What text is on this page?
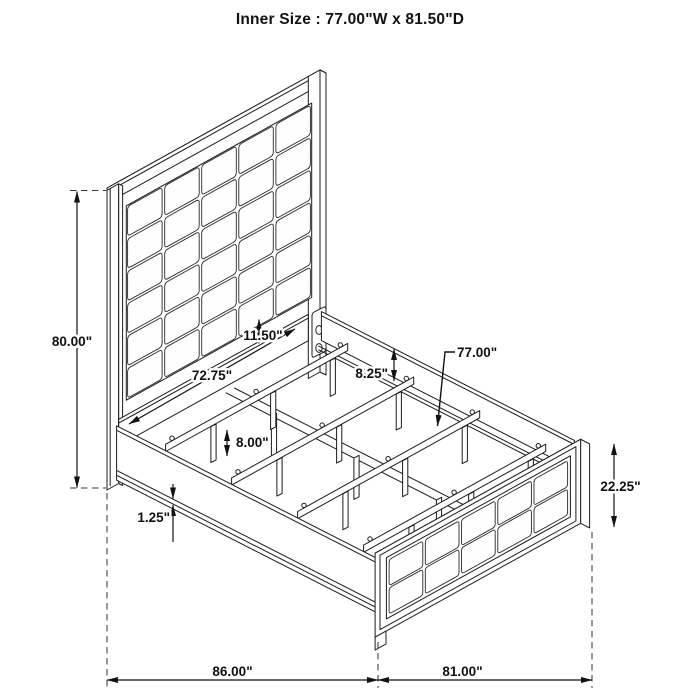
Inner Size : 77.00"W x 81.50"D
80.00"
72.75"
11.50"
8.25"
77.00"
8.00"
1.25"
22.25"
86.00"	81.00"
